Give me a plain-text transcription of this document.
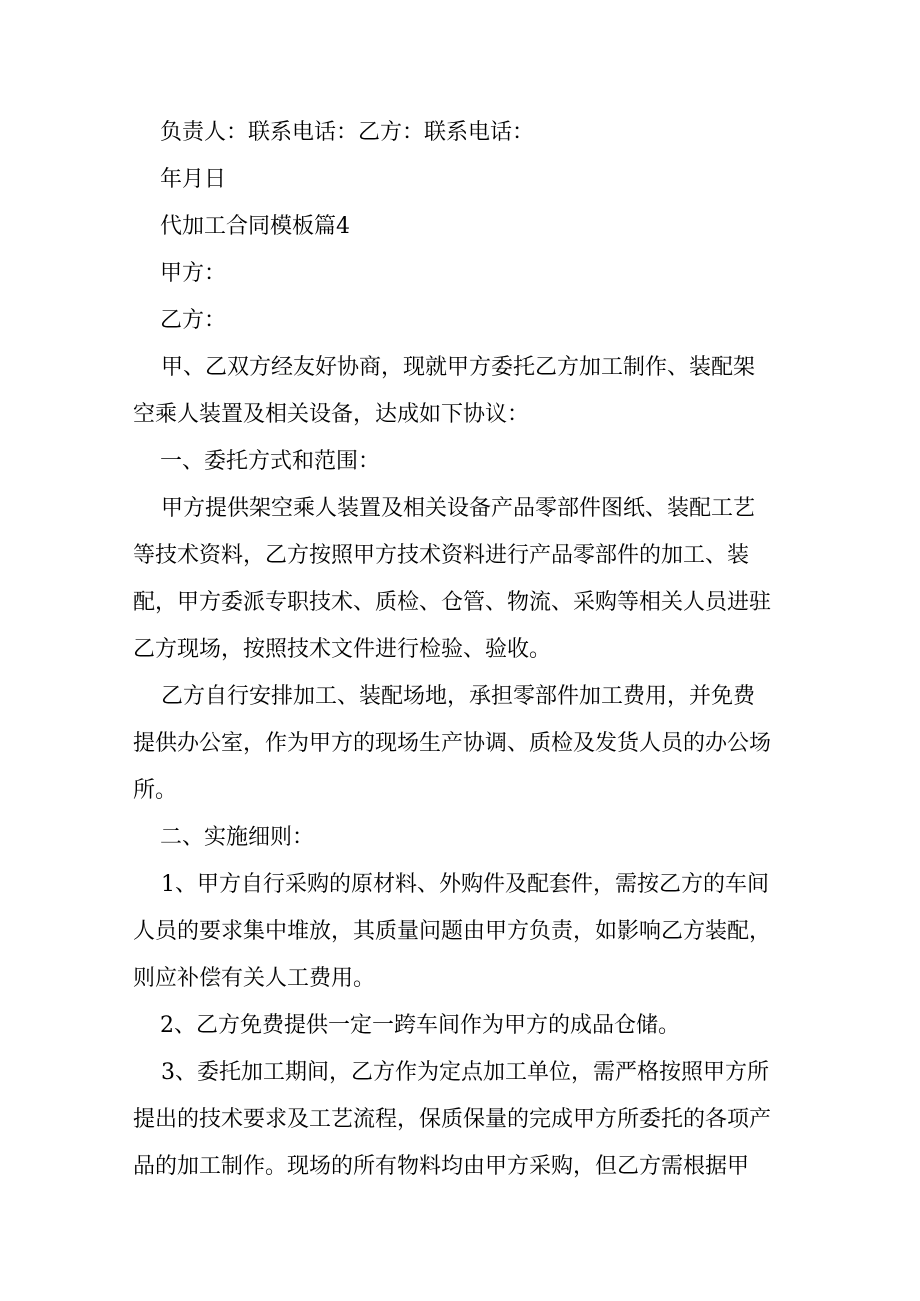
负责人：联系电话：乙方：联系电话：

年月日

代加工合同模板篇4

甲方：

乙方：

甲、乙双方经友好协商，现就甲方委托乙方加工制作、装配架空乘人装置及相关设备，达成如下协议：

一、委托方式和范围：

甲方提供架空乘人装置及相关设备产品零部件图纸、装配工艺等技术资料，乙方按照甲方技术资料进行产品零部件的加工、装配，甲方委派专职技术、质检、仓管、物流、采购等相关人员进驻乙方现场，按照技术文件进行检验、验收。

乙方自行安排加工、装配场地，承担零部件加工费用，并免费提供办公室，作为甲方的现场生产协调、质检及发货人员的办公场所。

二、实施细则：

1、甲方自行采购的原材料、外购件及配套件，需按乙方的车间人员的要求集中堆放，其质量问题由甲方负责，如影响乙方装配，则应补偿有关人工费用。

2、乙方免费提供一定一跨车间作为甲方的成品仓储。

3、委托加工期间，乙方作为定点加工单位，需严格按照甲方所提出的技术要求及工艺流程，保质保量的完成甲方所委托的各项产品的加工制作。现场的所有物料均由甲方采购，但乙方需根据甲
